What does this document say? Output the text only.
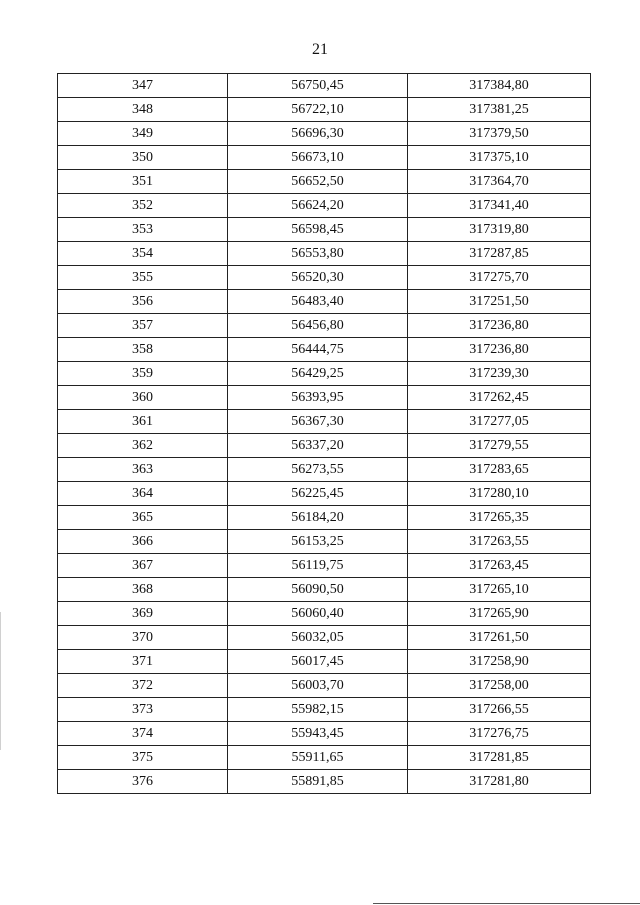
21
347	56750,45	317384,80
348	56722,10	317381,25
349	56696,30	317379,50
350	56673,10	317375,10
351	56652,50	317364,70
352	56624,20	317341,40
353	56598,45	317319,80
354	56553,80	317287,85
355	56520,30	317275,70
356	56483,40	317251,50
357	56456,80	317236,80
358	56444,75	317236,80
359	56429,25	317239,30
360	56393,95	317262,45
361	56367,30	317277,05
362	56337,20	317279,55
363	56273,55	317283,65
364	56225,45	317280,10
365	56184,20	317265,35
366	56153,25	317263,55
367	56119,75	317263,45
368	56090,50	317265,10
369	56060,40	317265,90
370	56032,05	317261,50
371	56017,45	317258,90
372	56003,70	317258,00
373	55982,15	317266,55
374	55943,45	317276,75
375	55911,65	317281,85
376	55891,85	317281,80
